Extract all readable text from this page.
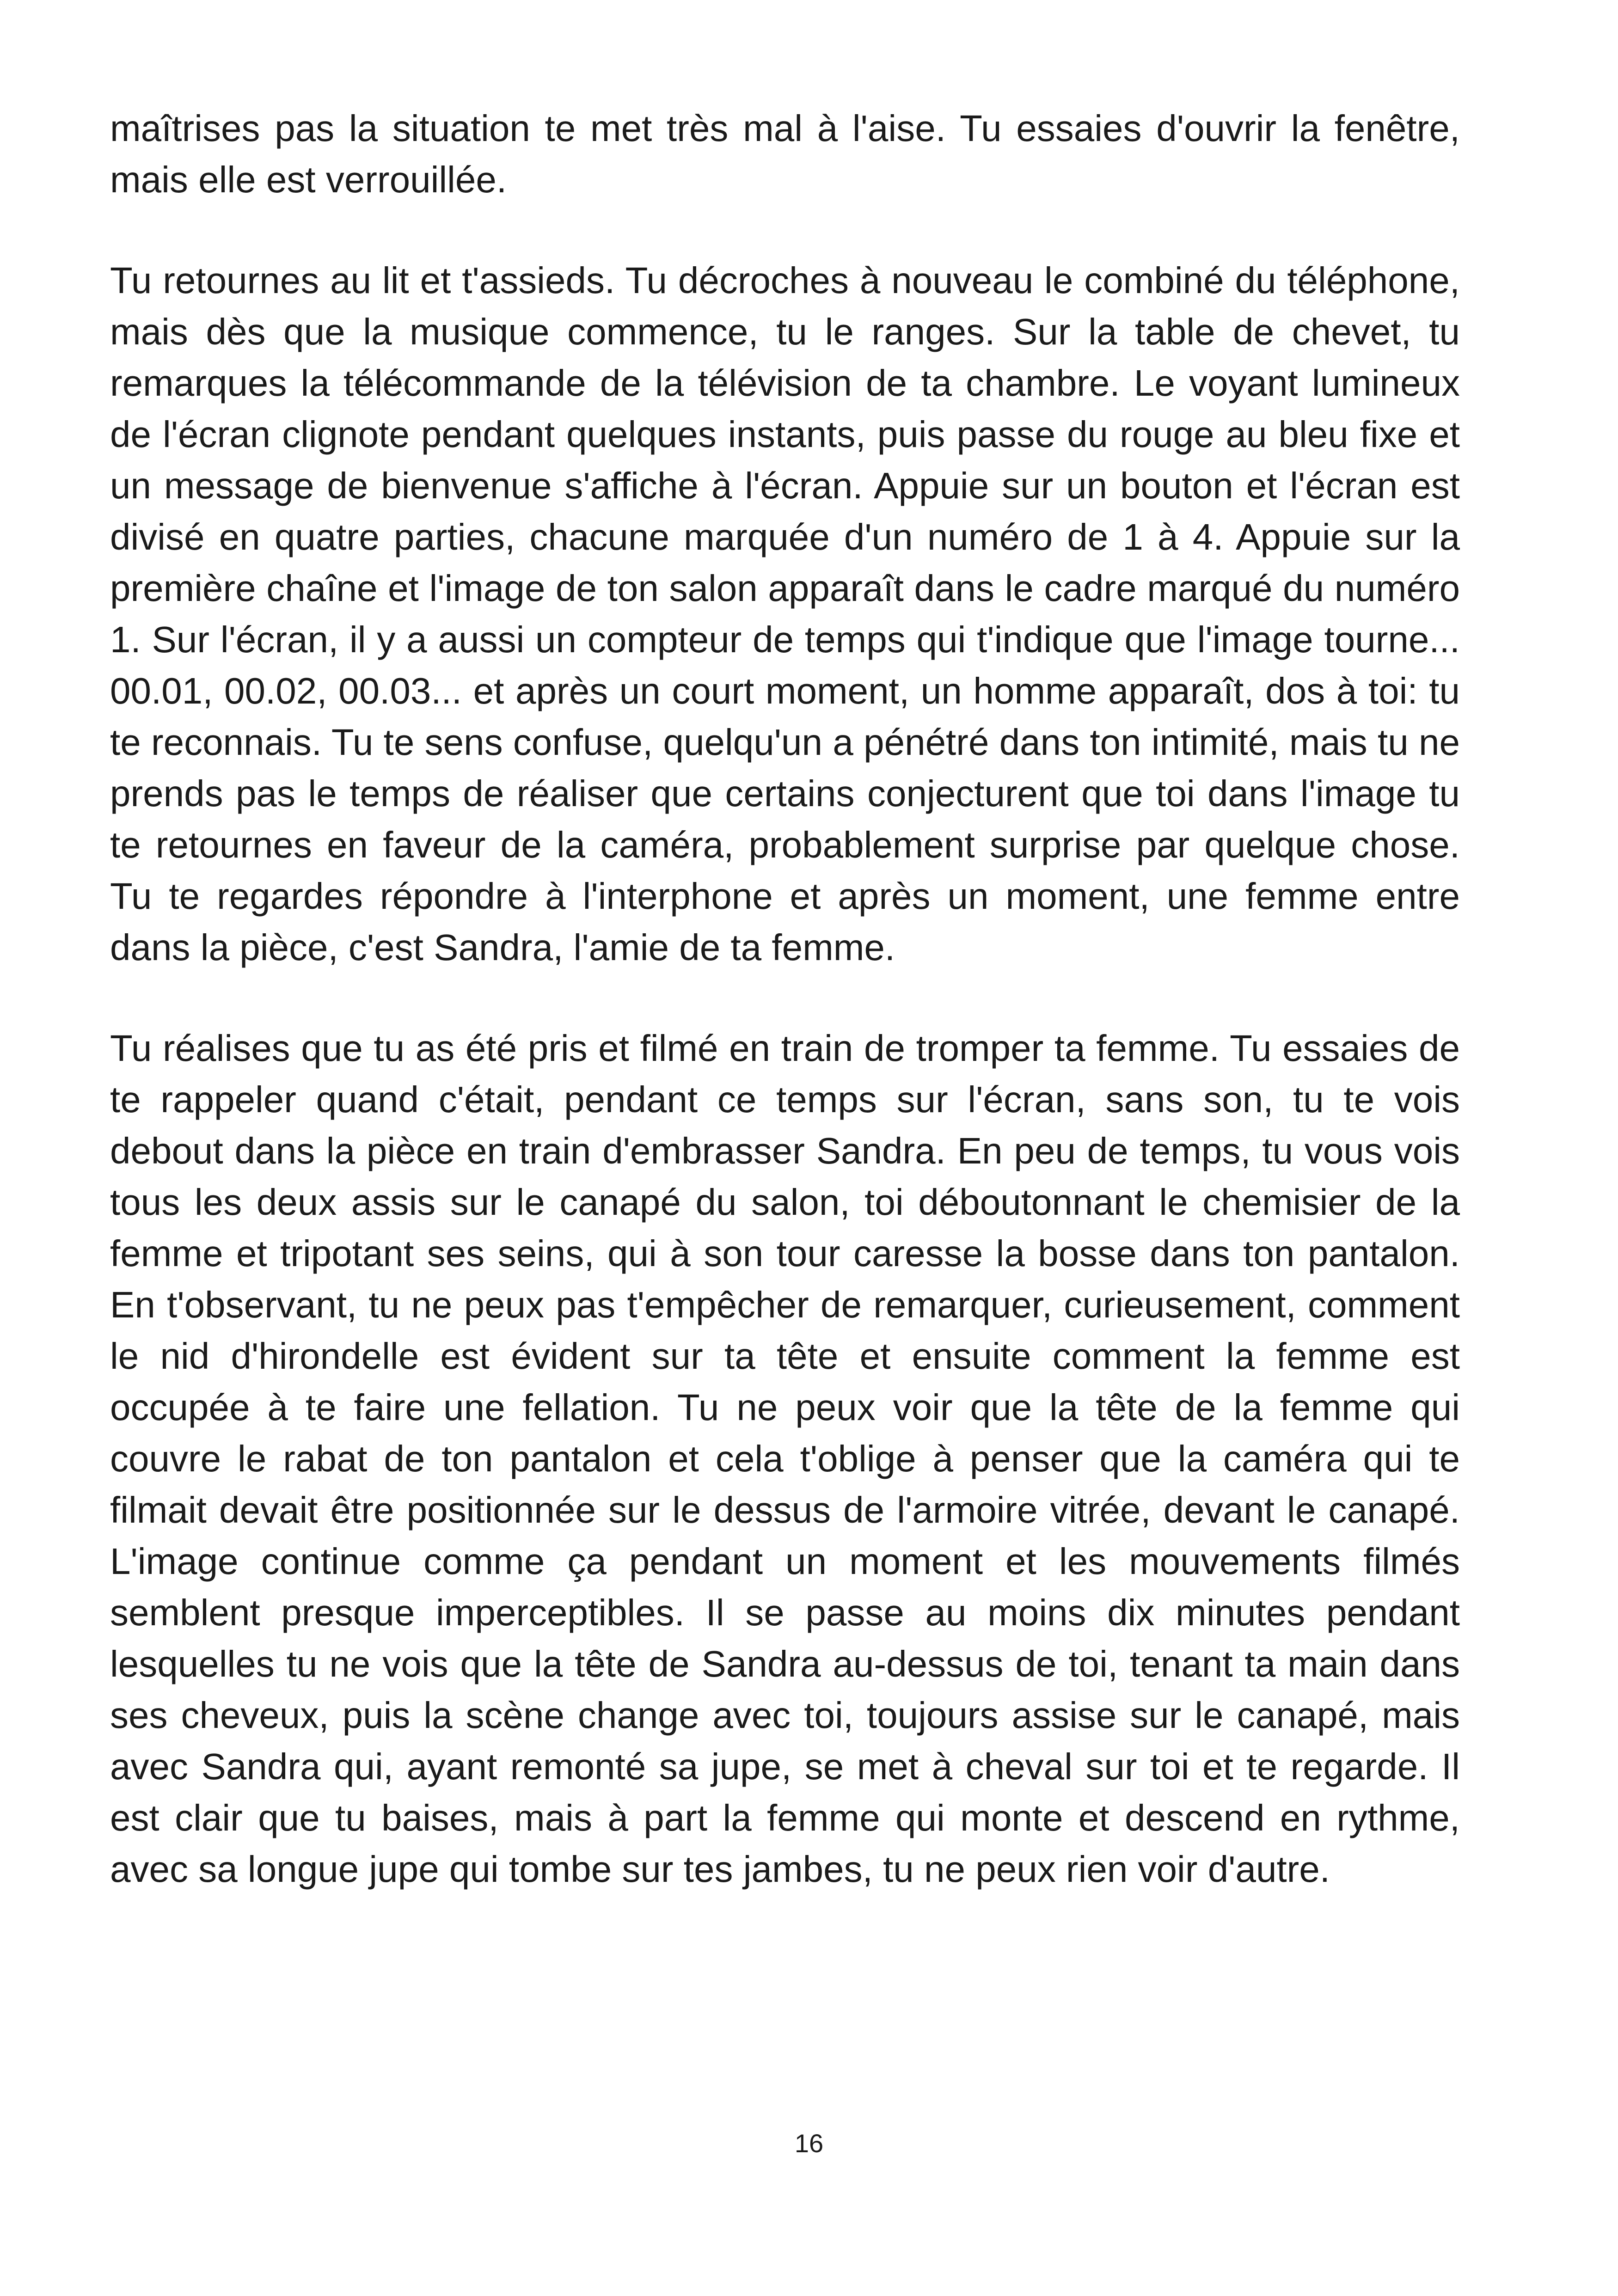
maîtrises pas la situation te met très mal à l'aise. Tu essaies d'ouvrir la fenêtre, mais elle est verrouillée.

Tu retournes au lit et t'assieds. Tu décroches à nouveau le combiné du téléphone, mais dès que la musique commence, tu le ranges. Sur la table de chevet, tu remarques la télécommande de la télévision de ta chambre. Le voyant lumineux de l'écran clignote pendant quelques instants, puis passe du rouge au bleu fixe et un message de bienvenue s'affiche à l'écran. Appuie sur un bouton et l'écran est divisé en quatre parties, chacune marquée d'un numéro de 1 à 4. Appuie sur la première chaîne et l'image de ton salon apparaît dans le cadre marqué du numéro 1. Sur l'écran, il y a aussi un compteur de temps qui t'indique que l'image tourne... 00.01, 00.02, 00.03... et après un court moment, un homme apparaît, dos à toi: tu te reconnais. Tu te sens confuse, quelqu'un a pénétré dans ton intimité, mais tu ne prends pas le temps de réaliser que certains conjecturent que toi dans l'image tu te retournes en faveur de la caméra, probablement surprise par quelque chose. Tu te regardes répondre à l'interphone et après un moment, une femme entre dans la pièce, c'est Sandra, l'amie de ta femme.

Tu réalises que tu as été pris et filmé en train de tromper ta femme. Tu essaies de te rappeler quand c'était, pendant ce temps sur l'écran, sans son, tu te vois debout dans la pièce en train d'embrasser Sandra. En peu de temps, tu vous vois tous les deux assis sur le canapé du salon, toi déboutonnant le chemisier de la femme et tripotant ses seins, qui à son tour caresse la bosse dans ton pantalon. En t'observant, tu ne peux pas t'empêcher de remarquer, curieusement, comment le nid d'hirondelle est évident sur ta tête et ensuite comment la femme est occupée à te faire une fellation. Tu ne peux voir que la tête de la femme qui couvre le rabat de ton pantalon et cela t'oblige à penser que la caméra qui te filmait devait être positionnée sur le dessus de l'armoire vitrée, devant le canapé. L'image continue comme ça pendant un moment et les mouvements filmés semblent presque imperceptibles. Il se passe au moins dix minutes pendant lesquelles tu ne vois que la tête de Sandra au-dessus de toi, tenant ta main dans ses cheveux, puis la scène change avec toi, toujours assise sur le canapé, mais avec Sandra qui, ayant remonté sa jupe, se met à cheval sur toi et te regarde. Il est clair que tu baises, mais à part la femme qui monte et descend en rythme, avec sa longue jupe qui tombe sur tes jambes, tu ne peux rien voir d'autre.

16
